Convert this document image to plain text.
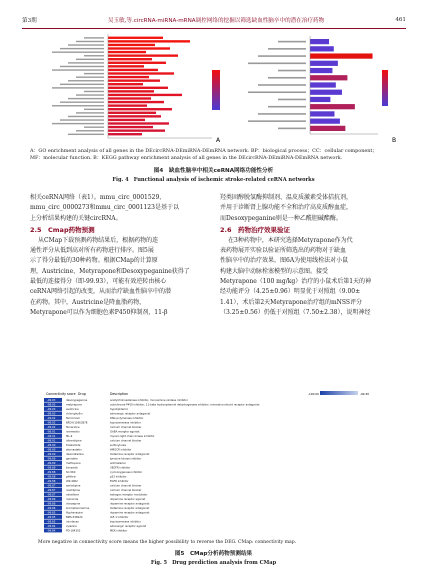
第3期	吴玉敏,等.circRNA-miRNA-mRNA调控网络的挖掘以筛选缺血性脑卒中的潜在治疗药物	461
A	B
A：GO enrichment analysis of all genes in the DEcircRNA-DEmiRNA-DEmRNA network. BP：biological process；CC：cellular component；
MF：molecular function. B：KEGG pathway enrichment analysis of all genes in the DEcircRNA-DEmiRNA-DEmRNA network.
图4　缺血性脑卒中相关ceRNA网络功能性分析
Fig. 4　Functional analysis of ischemic stroke-related ceRNA networks
相关ceRNA网络（表1）。mmu_circ_0001529、
mmu_circ_0000273和mmu_circ_0001123是基于以
上分析结果构建的关键circRNA。
2.5　Cmap药物预测
从CMap下载预测药物结果后，根据药物的连
通性评分从低到高对所有药物进行排序。图5展
示了得分最低的30种药物。根据CMap的计算原
理，Austricine、Metyrapone和Desoxypeganine获得了
最低的连接得分（即-99.93），可能有效逆转由核心
ceRNA网络引起的改变，从而治疗缺血性脑卒中的潜
在药物。其中，Austricine是降血脂药物，
Metyrapone可以作为细胞色素P450抑制剂，11-β
羟类固醇脱氢酶抑制剂、温皮质激素受体拮抗剂，
并用于诊断肾上腺功能不全和治疗高皮质醇血症，
而Desoxypeganine则是一种乙酰胆碱酯酶。
2.6　药物治疗效果验证
在3种药物中，本研究选择Metyrapone作为代
表药物展开实验以验证所筛选出的药物对于缺血
性脑卒中的治疗效果。图6A为使用线栓法对小鼠
构建大脑中动脉栓塞模型的示意图。接受
Metyrapone（100 mg/kg）治疗的小鼠术后第1天的神
经功能评分（4.25±0.96）明显优于对照组（9.00±
1.41），术后第2天Metyrapone治疗组的mNSS评分
（3.25±0.56）仍低于对照组（7.50±2.38），说明神经
Connectivity score Drug	Description	-100.00	-99.30
-99.93	desoxypeganine	acetylcholinesterase inhibitor, monoamine oxidase inhibitor
-99.93	metyrapone	cytochrome P450 inhibitor, 11-beta hydroxysteroid dehydrogenase inhibitor, mineralocorticoid receptor antagonist
-99.93	austricine	hypolipidemic
-99.93	chlorophyllin	adrenergic receptor antagonist
-99.92	famciclovir	DNA polymerase inhibitor
-99.92	BRD-K15963878	topoisomerase inhibitor
-99.92	flunarizine	calcium channel blocker
-99.91	ivermectin	GABA receptor agonist
-99.91	ML-9	myosin light chain kinase inhibitor
-99.91	nitrendipine	calcium channel blocker
-99.90	tolazamide	sulfonylurea
-99.90	atorvastatin	HMGCR inhibitor
-99.90	desloratadine	histamine receptor antagonist
-99.89	genistein	tyrosine kinase inhibitor
-99.89	mefloquine	antimalarial
-99.89	tivozanib	VEGFR inhibitor
-99.88	SC-560	cyclooxygenase inhibitor
-99.88	pifithrin	p53 inhibitor
-99.88	WZ-4002	EGFR inhibitor
-99.87	amlodipine	calcium channel blocker
-99.87	nisoldipine	calcium channel blocker
-99.87	raloxifene	estrogen receptor modulator
-99.86	ropinirole	dopamine receptor agonist
-99.86	olanzapine	dopamine receptor antagonist
-99.86	brompheniramine	histamine receptor antagonist
-99.85	fluphenazine	dopamine receptor antagonist
-99.85	BMS-536924	IGF-1 inhibitor
-99.85	irinotecan	topoisomerase inhibitor
-99.84	xylazine	adrenergic receptor agonist
-99.84	PD-184352	MEK inhibitor
More negative in connectivity score means the higher possibility to reverse the DEG. CMap: connectivity map.
图5　CMap分析药物预测结果
Fig. 5　Drug prediction analysis from CMap
